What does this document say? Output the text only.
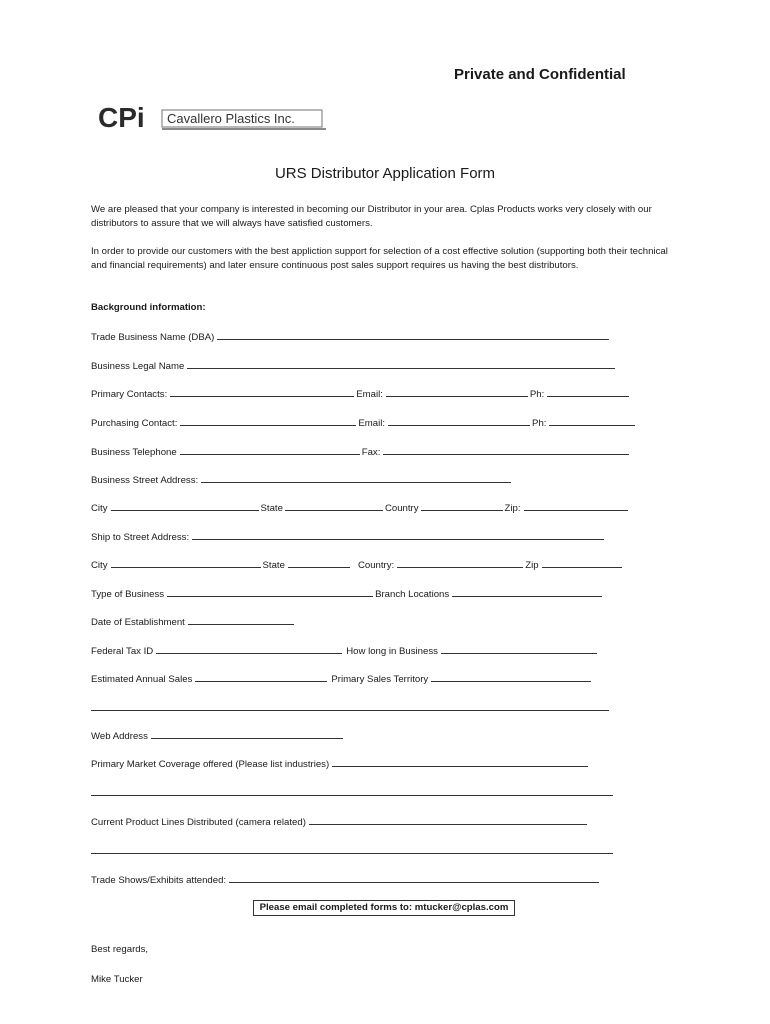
Private and Confidential
CPi Cavallero Plastics Inc.
URS Distributor Application Form
We are pleased that your company is interested in becoming our Distributor in your area. Cplas Products works very closely with our distributors to assure that we will always have satisfied customers.
In order to provide our customers with the best appliction support for selection of a cost effective solution (supporting both their technical and financial requirements) and later ensure continuous post sales support requires us having the best distributors.
Background information:
Trade Business Name (DBA)
Business Legal Name
Primary Contacts:	Email:	Ph:
Purchasing Contact:	Email:	Ph:
Business Telephone	Fax:
Business Street Address:
City	State	Country	Zip:
Ship to Street Address:
City	State	Country:	Zip
Type of Business	Branch Locations
Date of Establishment
Federal Tax ID	How long in Business
Estimated Annual Sales	Primary Sales Territory
Web Address
Primary Market Coverage offered (Please list industries)
Current Product Lines Distributed (camera related)
Trade Shows/Exhibits attended:
Please email completed forms to: mtucker@cplas.com
Best regards,
Mike Tucker
